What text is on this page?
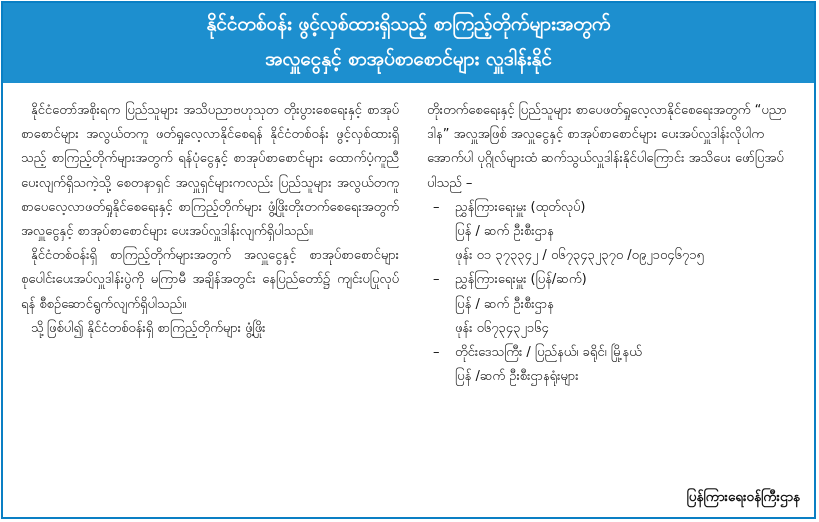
နိုင်ငံတစ်ဝန်း ဖွင့်လှစ်ထားရှိသည့် စာကြည့်တိုက်များအတွက်
အလှူငွေနှင့် စာအုပ်စာစောင်များ လှူဒါန်းနိုင်

နိုင်ငံတော်အစိုးရက ပြည်သူများ အသိပညာဗဟုသုတ တိုးပွားစေရေးနှင့် စာအုပ်စာစောင်များ အလွယ်တကူ ဖတ်ရှုလေ့လာနိုင်စေရန် နိုင်ငံတစ်ဝန်း ဖွင့်လှစ်ထားရှိသည့် စာကြည့်တိုက်များအတွက် ရန်ပုံငွေနှင့် စာအုပ်စာစောင်များ ထောက်ပံ့ကူညီပေးလျက်ရှိသကဲ့သို့ စေတနာရှင် အလှူရှင်များကလည်း ပြည်သူများ အလွယ်တကူ စာပေလေ့လာဖတ်ရှုနိုင်စေရေးနှင့် စာကြည့်တိုက်များ ဖွံ့ဖြိုးတိုးတက်စေရေးအတွက် အလှူငွေနှင့် စာအုပ်စာစောင်များ ပေးအပ်လှူဒါန်းလျက်ရှိပါသည်။

နိုင်ငံတစ်ဝန်းရှိ စာကြည့်တိုက်များအတွက် အလှူငွေနှင့် စာအုပ်စာစောင်များ စုပေါင်းပေးအပ်လှူဒါန်းပွဲကို မကြာမီ အချိန်အတွင်း နေပြည်တော်၌ ကျင်းပပြုလုပ်ရန် စီစဉ်ဆောင်ရွက်လျက်ရှိပါသည်။

သို့ဖြစ်ပါ၍ နိုင်ငံတစ်ဝန်းရှိ စာကြည့်တိုက်များ ဖွံ့ဖြိုး

တိုးတက်စေရေးနှင့် ပြည်သူများ စာပေဖတ်ရှုလေ့လာနိုင်စေရေးအတွက် “ပညာဒါန” အလှူအဖြစ် အလှူငွေနှင့် စာအုပ်စာစောင်များ ပေးအပ်လှူဒါန်းလိုပါက အောက်ပါ ပုဂ္ဂိုလ်များထံ ဆက်သွယ်လှူဒါန်းနိုင်ပါကြောင်း အသိပေး ဖော်ပြအပ်ပါသည် –

–	ညွှန်ကြားရေးမှူး (ထုတ်လုပ်)
ပြန် / ဆက် ဦးစီးဌာန
ဖုန်း ၀၁ ၃၇၃၃၄၂ / ၀၆၇၃၄၃၂၃၇၀ /၀၉၂၁၀၄၆၇၁၅
–	ညွှန်ကြားရေးမှူး (ပြန်/ဆက်)
ပြန် / ဆက် ဦးစီးဌာန
ဖုန်း ၀၆၇၃၄၃၂၁၆၄
–	တိုင်းဒေသကြီး / ပြည်နယ်၊ ခရိုင်၊ မြို့နယ်
ပြန် /ဆက် ဦးစီးဌာနရုံးများ
ပြန်ကြားရေးဝန်ကြီးဌာန
